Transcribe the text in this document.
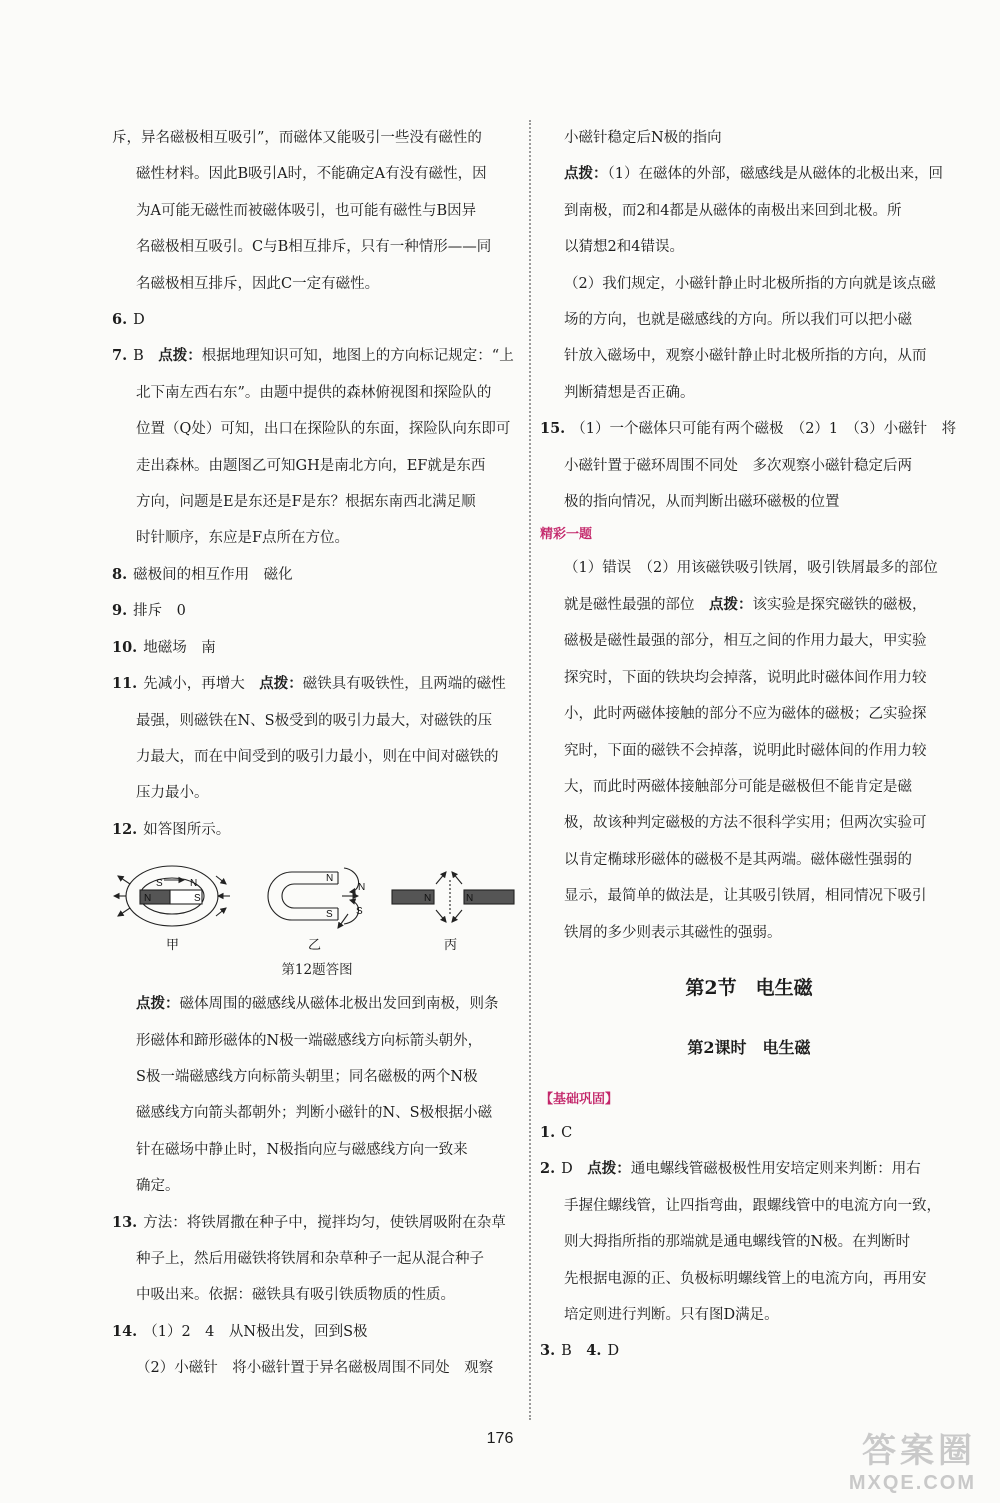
斥，异名磁极相互吸引”，而磁体又能吸引一些没有磁性的
磁性材料。因此B吸引A时，不能确定A有没有磁性，因
为A可能无磁性而被磁体吸引，也可能有磁性与B因异
名磁极相互吸引。C与B相互排斥，只有一种情形——同
名磁极相互排斥，因此C一定有磁性。
6. D
7. B　 点拨：根据地理知识可知，地图上的方向标记规定：“上
北下南左西右东”。由题中提供的森林俯视图和探险队的
位置（Q处）可知，出口在探险队的东面，探险队向东即可
走出森林。由题图乙可知GH是南北方向，EF就是东西
方向，问题是E是东还是F是东？根据东南西北满足顺
时针顺序，东应是F点所在方位。
8. 磁极间的相互作用　磁化
9. 排斥　0
10. 地磁场　南
11. 先减小，再增大　 点拨：磁铁具有吸铁性，且两端的磁性
最强，则磁铁在N、S极受到的吸引力最大，对磁铁的压
力最大，而在中间受到的吸引力最小，则在中间对磁铁的
压力最小。
12. 如答图所示。
S	N
N	S
N
S
N
N	N
S
甲	乙	丙
第12题答图
点拨：磁体周围的磁感线从磁体北极出发回到南极，则条
形磁体和蹄形磁体的N极一端磁感线方向标箭头朝外，
S极一端磁感线方向标箭头朝里；同名磁极的两个N极
磁感线方向箭头都朝外；判断小磁针的N、S极根据小磁
针在磁场中静止时，N极指向应与磁感线方向一致来
确定。
13. 方法：将铁屑撒在种子中，搅拌均匀，使铁屑吸附在杂草
种子上，然后用磁铁将铁屑和杂草种子一起从混合种子
中吸出来。依据：磁铁具有吸引铁质物质的性质。
14. （1）2　4　从N极出发，回到S极
（2）小磁针　将小磁针置于异名磁极周围不同处　观察
小磁针稳定后N极的指向
点拨：（1）在磁体的外部，磁感线是从磁体的北极出来，回
到南极，而2和4都是从磁体的南极出来回到北极。所
以猜想2和4错误。
（2）我们规定，小磁针静止时北极所指的方向就是该点磁
场的方向，也就是磁感线的方向。所以我们可以把小磁
针放入磁场中，观察小磁针静止时北极所指的方向，从而
判断猜想是否正确。
15. （1）一个磁体只可能有两个磁极　（2）1　（3）小磁针　将
小磁针置于磁环周围不同处　多次观察小磁针稳定后两
极的指向情况，从而判断出磁环磁极的位置
精彩一题
（1）错误　（2）用该磁铁吸引铁屑，吸引铁屑最多的部位
就是磁性最强的部位　 点拨：该实验是探究磁铁的磁极，
磁极是磁性最强的部分，相互之间的作用力最大，甲实验
探究时，下面的铁块均会掉落，说明此时磁体间作用力较
小，此时两磁体接触的部分不应为磁体的磁极；乙实验探
究时，下面的磁铁不会掉落，说明此时磁体间的作用力较
大，而此时两磁体接触部分可能是磁极但不能肯定是磁
极，故该种判定磁极的方法不很科学实用；但两次实验可
以肯定椭球形磁体的磁极不是其两端。磁体磁性强弱的
显示，最简单的做法是，让其吸引铁屑，相同情况下吸引
铁屑的多少则表示其磁性的强弱。
第2节　电生磁
第2课时　电生磁
【基础巩固】
1. C
2. D　 点拨：通电螺线管磁极极性用安培定则来判断：用右
手握住螺线管，让四指弯曲，跟螺线管中的电流方向一致，
则大拇指所指的那端就是通电螺线管的N极。在判断时
先根据电源的正、负极标明螺线管上的电流方向，再用安
培定则进行判断。只有图D满足。
3. B　 4. D
176	答案圈
MXQE.COM
